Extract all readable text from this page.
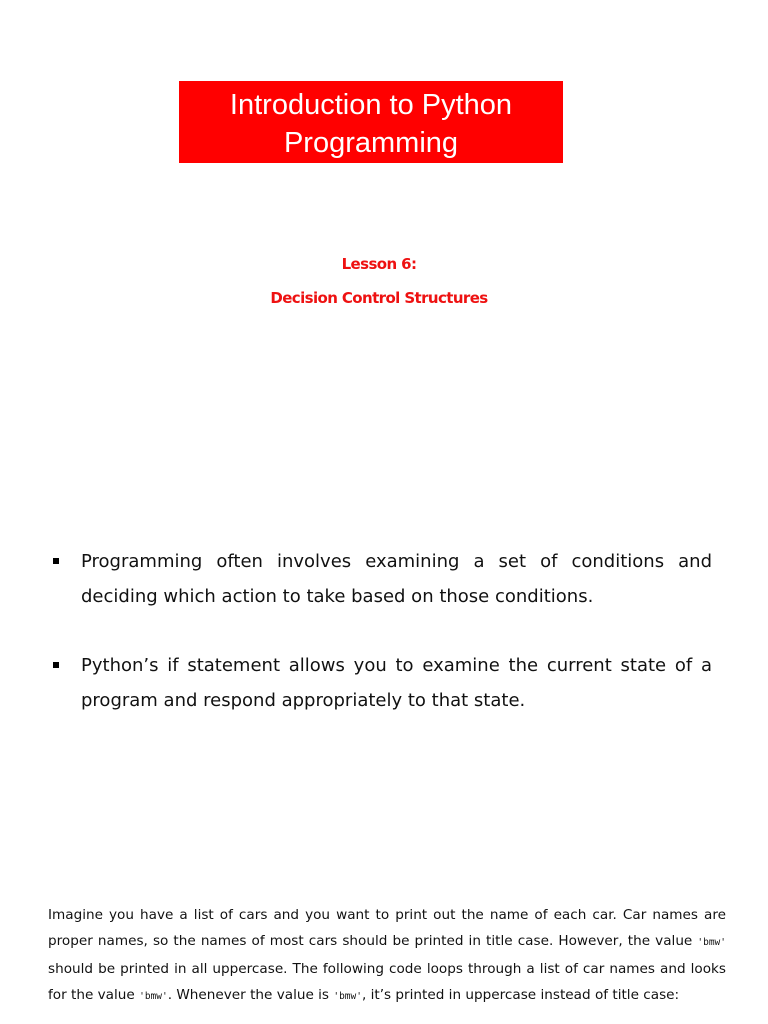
Introduction to Python
Programming
Lesson 6:
Decision Control Structures
Programming often involves examining a set of conditions and deciding which action to take based on those conditions.
Python’s if statement allows you to examine the current state of a program and respond appropriately to that state.

Imagine you have a list of cars and you want to print out the name of each car. Car names are proper names, so the names of most cars should be printed in title case. However, the value 'bmw' should be printed in all uppercase. The following code loops through a list of car names and looks for the value 'bmw'. Whenever the value is 'bmw', it’s printed in uppercase instead of title case:
